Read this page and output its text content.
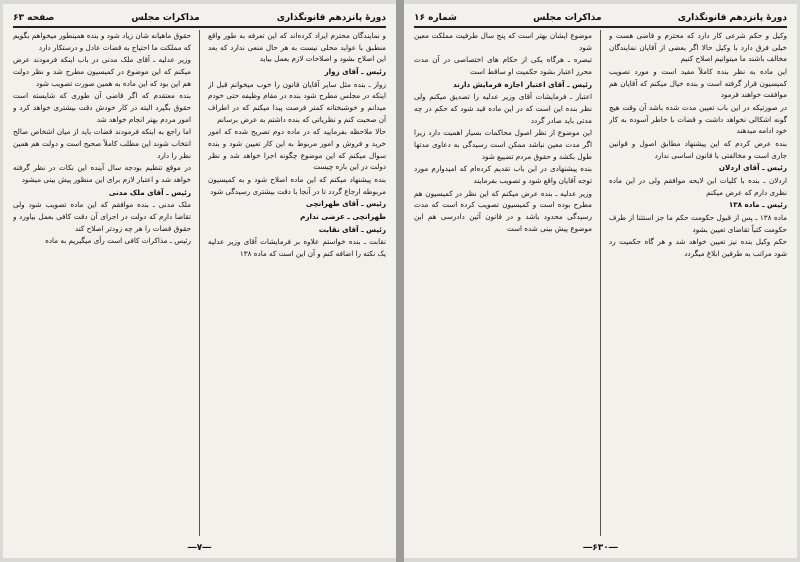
دورهٔ پانزدهم قانونگذاری
مذاکرات مجلس
صفحه ۶۳

و نمایندگان محترم ایراد کرده‌اند که این تعرفه به طور واقع منطبق با عواید محلی نیست به هر حال منعی ندارد که بعد این اصلاح بشود و اصلاحات لازم بعمل بیاید

رئیس ـ آقای زوار

زوار ـ بنده مثل سایر آقایان قانون را خوب میخوانم قبل از اینکه در مجلس مطرح شود بنده در مقام وظیفه حتی خودم میدانم و خوشبختانه کمتر فرصت پیدا میکنم که در اطراف آن صحبت کنم و نظریاتی که بنده داشتم به عرض برسانم

حالا ملاحظه بفرمایید که در ماده دوم تصریح شده که امور خرید و فروش و امور مربوط به این کار تعیین شود و بنده سوال میکنم که این موضوع چگونه اجرا خواهد شد و نظر دولت در این باره چیست

بنده پیشنهاد میکنم که این ماده اصلاح شود و به کمیسیون مربوطه ارجاع گردد تا در آنجا با دقت بیشتری رسیدگی شود

رئیس ـ آقای طهرانچی

طهرانچی ـ عرضی ندارم

رئیس ـ آقای نقابت

نقابت ـ بنده خواستم علاوه بر فرمایشات آقای وزیر عدلیه یک نکته را اضافه کنم و آن این است که ماده ۱۳۸

حقوق ماهیانه شان زیاد شود و بنده همینطور میخواهم بگویم که مملکت ما احتیاج به قضات عادل و درستکار دارد

وزیر عدلیه ـ آقای ملک مدنی در باب اینکه فرمودند عرض میکنم که این موضوع در کمیسیون مطرح شد و نظر دولت هم این بود که این ماده به همین صورت تصویب شود

بنده معتقدم که اگر قاضی آن طوری که شایسته است حقوق بگیرد البته در کار خودش دقت بیشتری خواهد کرد و امور مردم بهتر انجام خواهد شد

اما راجع به اینکه فرمودند قضات باید از میان اشخاص صالح انتخاب شوند این مطلب کاملاً صحیح است و دولت هم همین نظر را دارد

در موقع تنظیم بودجه سال آینده این نکات در نظر گرفته خواهد شد و اعتبار لازم برای این منظور پیش بینی میشود

رئیس ـ آقای ملک مدنی

ملک مدنی ـ بنده موافقم که این ماده تصویب شود ولی تقاضا دارم که دولت در اجرای آن دقت کافی بعمل بیاورد و حقوق قضات را هر چه زودتر اصلاح کند

رئیس ـ مذاکرات کافی است رأی میگیریم به ماده

―۷―
دورهٔ پانزدهم قانونگذاری
مذاکرات مجلس
شماره ۱۶

وکیل و حکم شرعی کار دارد که محترم و قاضی هست و خیلی فرق دارد با وکیل حالا اگر بعضی از آقایان نمایندگان مخالف باشند ما میتوانیم اصلاح کنیم

این ماده به نظر بنده کاملاً مفید است و مورد تصویب کمیسیون قرار گرفته است و بنده خیال میکنم که آقایان هم موافقت خواهند فرمود

در صورتیکه در این باب تعیین مدت شده باشد آن وقت هیچ گونه اشکالی نخواهد داشت و قضات با خاطر آسوده به کار خود ادامه میدهند

بنده عرض کردم که این پیشنهاد مطابق اصول و قوانین جاری است و مخالفتی با قانون اساسی ندارد

رئیس ـ آقای اردلان

اردلان ـ بنده با کلیات این لایحه موافقم ولی در این ماده نظری دارم که عرض میکنم

رئیس ـ ماده ۱۳۸

ماده ۱۳۸ ـ پس از قبول حکومت حکم ما جز استثنا از طرف حکومت کتباً تقاضای تعیین بشود

حکم وکیل بنده نیز تعیین خواهد شد و هر گاه حکمیت رد شود مراتب به طرفین ابلاغ میگردد

موضوع ایشان بهتر است که پنج سال طرفیت مملکت معین شود

تبصره ـ هرگاه یکی از حکام های اختصاصی در آن مدت محرز اعتبار بشود حکمیت او ساقط است

رئیس ـ آقای اعتبار اجازه فرمایش دارند

اعتبار ـ فرمایشات آقای وزیر عدلیه را تصدیق میکنم ولی نظر بنده این است که در این ماده قید شود که حکم در چه مدتی باید صادر گردد

این موضوع از نظر اصول محاکمات بسیار اهمیت دارد زیرا اگر مدت معین نباشد ممکن است رسیدگی به دعاوی مدتها طول بکشد و حقوق مردم تضییع شود

بنده پیشنهادی در این باب تقدیم کرده‌ام که امیدوارم مورد توجه آقایان واقع شود و تصویب بفرمایند

وزیر عدلیه ـ بنده عرض میکنم که این نظر در کمیسیون هم مطرح بوده است و کمیسیون تصویب کرده است که مدت رسیدگی محدود باشد و در قانون آئین دادرسی هم این موضوع پیش بینی شده است

―۶۳۰―
